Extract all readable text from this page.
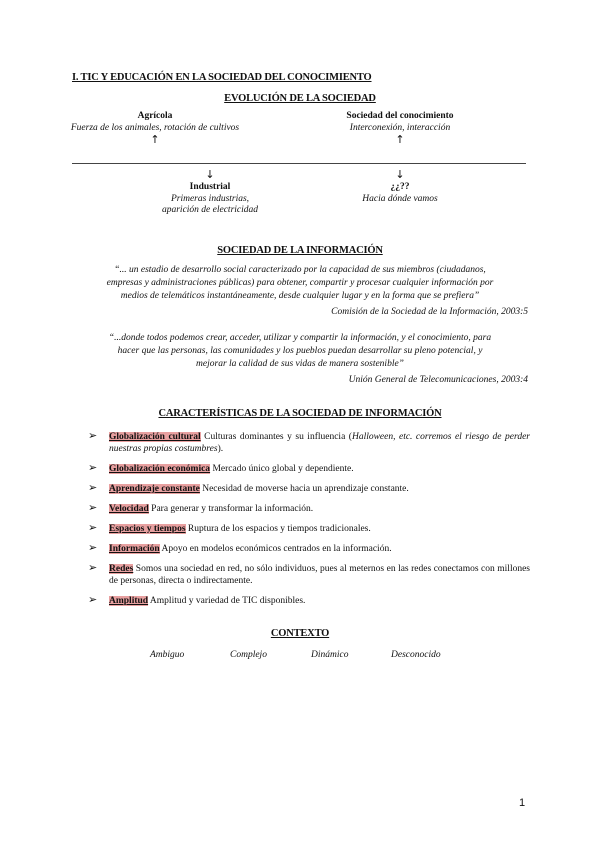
I. TIC Y EDUCACIÓN EN LA SOCIEDAD DEL CONOCIMIENTO
EVOLUCIÓN DE LA SOCIEDAD
Agrícola
Fuerza de los animales, rotación de cultivos
↑
Sociedad del conocimiento
Interconexión, interacción
↑
↓
Industrial
Primeras industrias,
aparición de electricidad
↓
¿¿??
Hacia dónde vamos
SOCIEDAD DE LA INFORMACIÓN
“... un estadio de desarrollo social caracterizado por la capacidad de sus miembros (ciudadanos,
empresas y administraciones públicas) para obtener, compartir y procesar cualquier información por
medios de telemáticos instantáneamente, desde cualquier lugar y en la forma que se prefiera”
Comisión de la Sociedad de la Información, 2003:5
“...donde todos podemos crear, acceder, utilizar y compartir la información, y el conocimiento, para
hacer que las personas, las comunidades y los pueblos puedan desarrollar su pleno potencial, y
mejorar la calidad de sus vidas de manera sostenible”
Unión General de Telecomunicaciones, 2003:4
CARACTERÍSTICAS DE LA SOCIEDAD DE INFORMACIÓN
➢ Globalización cultural Culturas dominantes y su influencia (Halloween, etc. corremos el riesgo de perder nuestras propias costumbres).
➢ Globalización económica Mercado único global y dependiente.
➢ Aprendizaje constante Necesidad de moverse hacia un aprendizaje constante.
➢ Velocidad Para generar y transformar la información.
➢ Espacios y tiempos Ruptura de los espacios y tiempos tradicionales.
➢ Información Apoyo en modelos económicos centrados en la información.
➢ Redes Somos una sociedad en red, no sólo individuos, pues al meternos en las redes conectamos con millones de personas, directa o indirectamente.
➢ Amplitud Amplitud y variedad de TIC disponibles.
CONTEXTO
Ambiguo	Complejo	Dinámico	Desconocido
1
